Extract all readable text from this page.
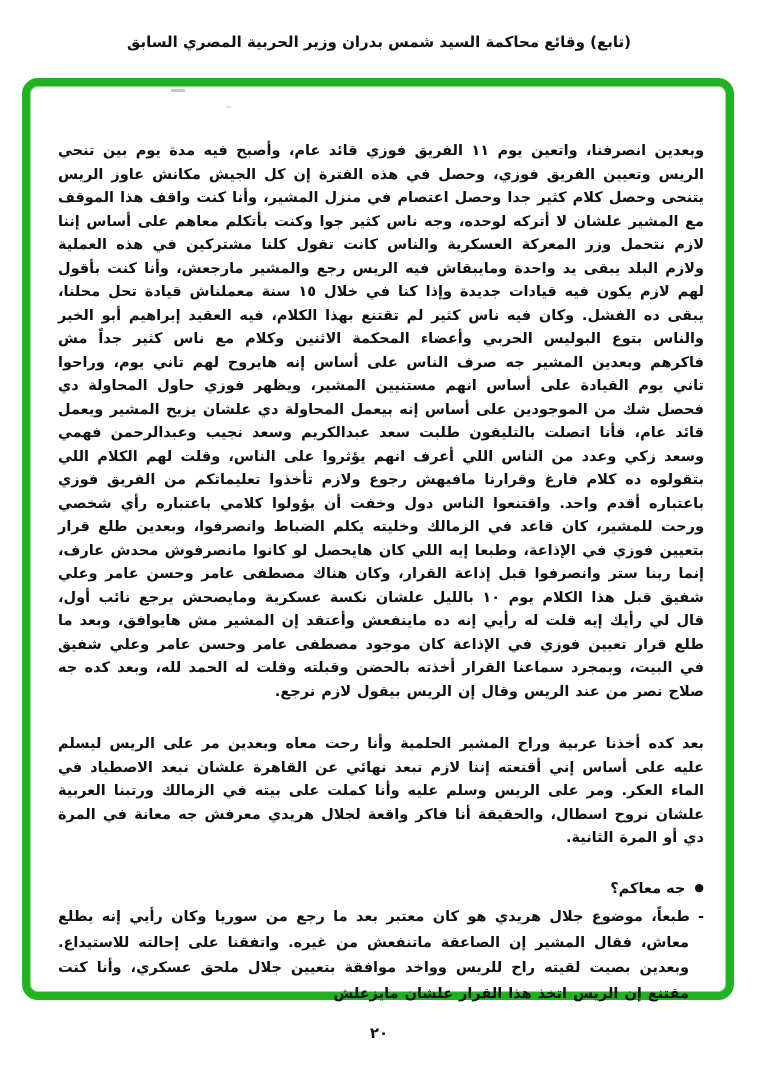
(تابع) وقائع محاكمة السيد شمس بدران وزير الحربية المصري السابق

وبعدين انصرفنا، واتعين يوم ١١ الفريق فوزي قائد عام، وأصبح فيه مدة يوم بين تنحي الريس وتعيين الفريق فوزي، وحصل في هذه الفترة إن كل الجيش مكانش عاوز الريس يتنحى وحصل كلام كثير جدا وحصل اعتصام في منزل المشير، وأنا كنت واقف هذا الموقف مع المشير علشان لا أتركه لوحده، وجه ناس كثير جوا وكنت بأتكلم معاهم على أساس إننا لازم نتحمل وزر المعركة العسكرية والناس كانت تقول كلنا مشتركين في هذه العملية ولازم البلد يبقى يد واحدة ومايبقاش فيه الريس رجع والمشير مارجعش، وأنا كنت بأقول لهم لازم يكون فيه قيادات جديدة وإذا كنا في خلال ١٥ سنة معملناش قيادة تحل محلنا، يبقى ده الفشل. وكان فيه ناس كثير لم تقتنع بهذا الكلام، فيه العقيد إبراهيم أبو الخير والناس بتوع البوليس الحربي وأعضاء المحكمة الاثنين وكلام مع ناس كثير جداً مش فاكرهم وبعدين المشير جه صرف الناس على أساس إنه هايروح لهم تاني يوم، وراحوا تاني يوم القيادة على أساس انهم مستنيين المشير، ويظهر فوزي حاول المحاولة دي فحصل شك من الموجودين على أساس إنه بيعمل المحاولة دي علشان يزيح المشير ويعمل قائد عام، فأنا اتصلت بالتليفون طلبت سعد عبدالكريم وسعد نجيب وعبدالرحمن فهمي وسعد زكي وعدد من الناس اللي أعرف انهم يؤثروا على الناس، وقلت لهم الكلام اللي بتقولوه ده كلام فارغ وقرارنا مافيهش رجوع ولازم تأخذوا تعليماتكم من الفريق فوزي باعتباره أقدم واحد. واقتنعوا الناس دول وخفت أن يؤولوا كلامي باعتباره رأي شخصي ورحت للمشير، كان قاعد في الزمالك وخليته يكلم الضباط وانصرفوا، وبعدين طلع قرار بتعيين فوزي في الإذاعة، وطبعا إيه اللي كان هايحصل لو كانوا مانصرفوش محدش عارف، إنما ربنا ستر وانصرفوا قبل إذاعة القرار، وكان هناك مصطفى عامر وحسن عامر وعلي شفيق قبل هذا الكلام يوم ١٠ بالليل علشان نكسة عسكرية ومايصحش يرجع نائب أول، قال لي رأيك إيه قلت له رأيي إنه ده ماينفعش وأعتقد إن المشير مش هايوافق، وبعد ما طلع قرار تعيين فوزي في الإذاعة كان موجود مصطفى عامر وحسن عامر وعلي شفيق في البيت، وبمجرد سماعنا القرار أخذته بالحضن وقبلته وقلت له الحمد لله، وبعد كده جه صلاح نصر من عند الريس وقال إن الريس بيقول لازم نرجع.

بعد كده أخذنا عربية وراح المشير الحلمية وأنا رحت معاه وبعدين مر على الريس ليسلم عليه على أساس إني أقنعته إننا لازم نبعد نهائي عن القاهرة علشان نبعد الاصطياد في الماء العكر. ومر على الريس وسلم عليه وأنا كملت على بيته في الزمالك ورتبنا العربية علشان نروح اسطال، والحقيقة أنا فاكر واقعة لجلال هريدي معرفش جه معانة في المرة دي أو المرة الثانية.

●جه معاكم؟
-طبعاً، موضوع جلال هريدي هو كان معتبر بعد ما رجع من سوريا وكان رأيي إنه يطلع معاش، فقال المشير إن الصاعقة ماتنفعش من غيره. واتفقنا على إحالته للاستيداع. وبعدين بصيت لقيته راح للريس وواخد موافقة بتعيين جلال ملحق عسكري، وأنا كنت مقتنع إن الريس اتخذ هذا القرار علشان مايزعلش
٢٠
